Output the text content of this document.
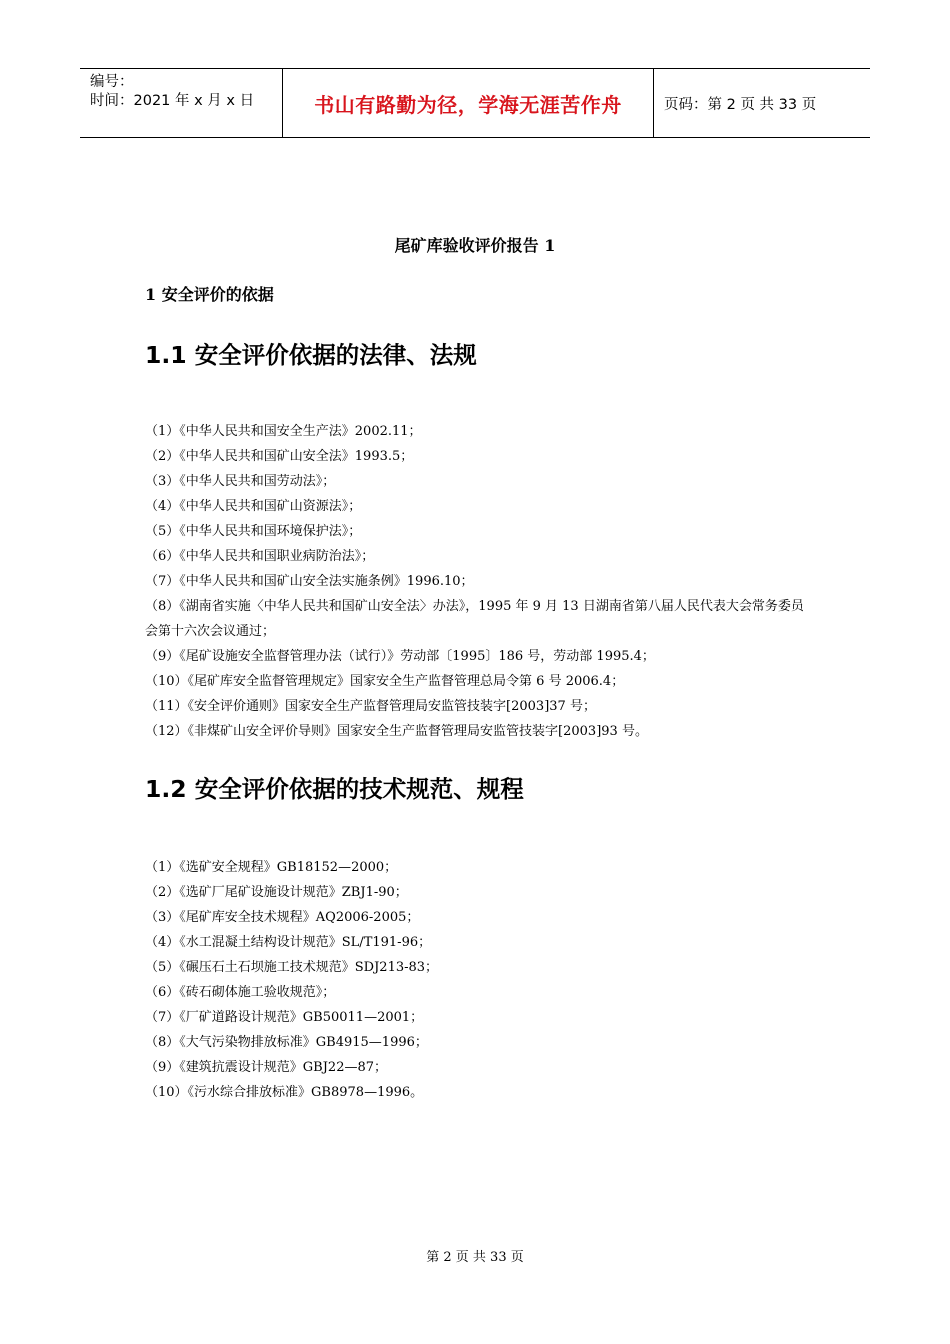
编号：
时间：2021 年 x 月 x 日	书山有路勤为径，学海无涯苦作舟	页码：第 2 页 共 33 页
尾矿库验收评价报告 1
1 安全评价的依据
1.1 安全评价依据的法律、法规
（1）《中华人民共和国安全生产法》2002.11；
（2）《中华人民共和国矿山安全法》1993.5；
（3）《中华人民共和国劳动法》；
（4）《中华人民共和国矿山资源法》；
（5）《中华人民共和国环境保护法》；
（6）《中华人民共和国职业病防治法》；
（7）《中华人民共和国矿山安全法实施条例》1996.10；
（8）《湖南省实施〈中华人民共和国矿山安全法〉办法》，1995 年 9 月 13 日湖南省第八届人民代表大会常务委员会第十六次会议通过；
（9）《尾矿设施安全监督管理办法（试行）》劳动部〔1995〕186 号，劳动部 1995.4；
（10）《尾矿库安全监督管理规定》国家安全生产监督管理总局令第 6 号 2006.4；
（11）《安全评价通则》国家安全生产监督管理局安监管技装字[2003]37 号；
（12）《非煤矿山安全评价导则》国家安全生产监督管理局安监管技装字[2003]93 号。
1.2 安全评价依据的技术规范、规程
（1）《选矿安全规程》GB18152—2000；
（2）《选矿厂尾矿设施设计规范》ZBJ1-90；
（3）《尾矿库安全技术规程》AQ2006-2005；
（4）《水工混凝土结构设计规范》SL/T191-96；
（5）《碾压石土石坝施工技术规范》SDJ213-83；
（6）《砖石砌体施工验收规范》；
（7）《厂矿道路设计规范》GB50011—2001；
（8）《大气污染物排放标准》GB4915—1996；
（9）《建筑抗震设计规范》GBJ22—87；
（10）《污水综合排放标准》GB8978—1996。
第 2 页 共 33 页
